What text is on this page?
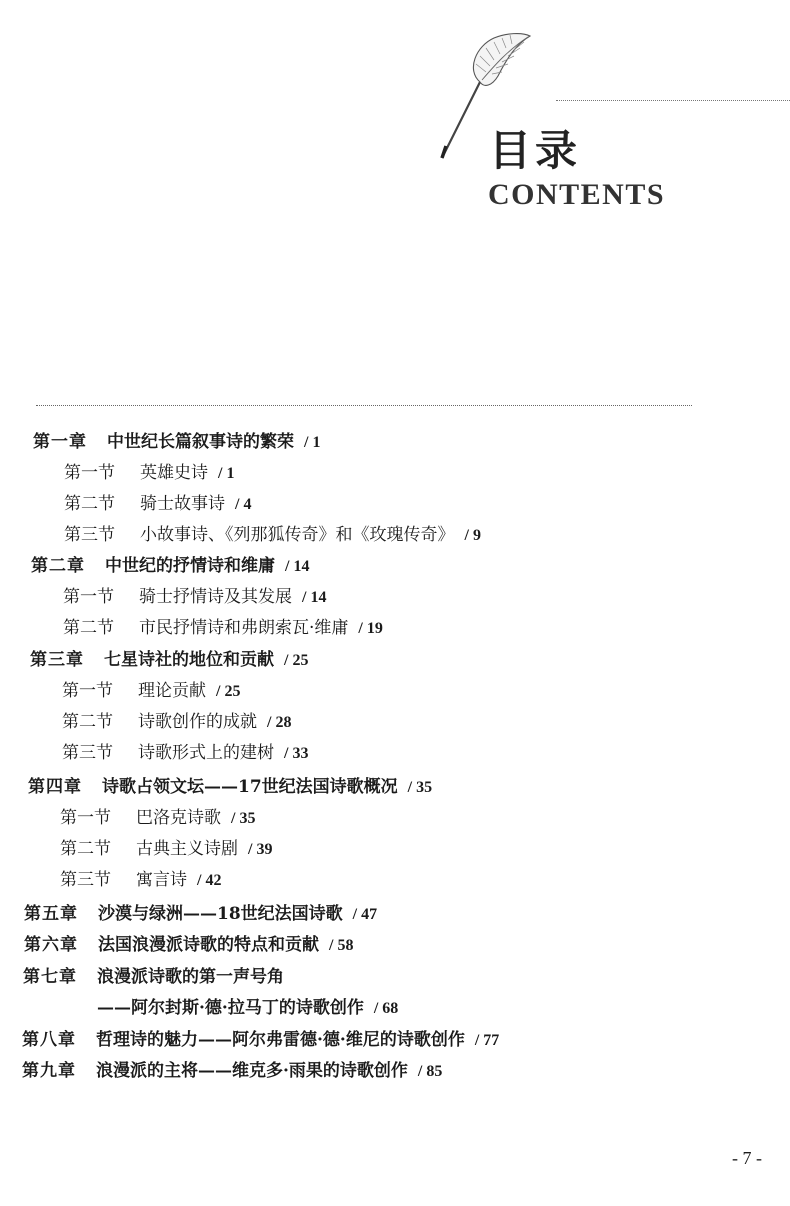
目录
CONTENTS
第一章 中世纪长篇叙事诗的繁荣 / 1
第一节 英雄史诗 / 1
第二节 骑士故事诗 / 4
第三节 小故事诗、《列那狐传奇》和《玫瑰传奇》 / 9
第二章 中世纪的抒情诗和维庸 / 14
第一节 骑士抒情诗及其发展 / 14
第二节 市民抒情诗和弗朗索瓦·维庸 / 19
第三章 七星诗社的地位和贡献 / 25
第一节 理论贡献 / 25
第二节 诗歌创作的成就 / 28
第三节 诗歌形式上的建树 / 33
第四章 诗歌占领文坛——17世纪法国诗歌概况 / 35
第一节 巴洛克诗歌 / 35
第二节 古典主义诗剧 / 39
第三节 寓言诗 / 42
第五章 沙漠与绿洲——18世纪法国诗歌 / 47
第六章 法国浪漫派诗歌的特点和贡献 / 58
第七章 浪漫派诗歌的第一声号角
——阿尔封斯·德·拉马丁的诗歌创作 / 68
第八章 哲理诗的魅力——阿尔弗雷德·德·维尼的诗歌创作 / 77
第九章 浪漫派的主将——维克多·雨果的诗歌创作 / 85
- 7 -
